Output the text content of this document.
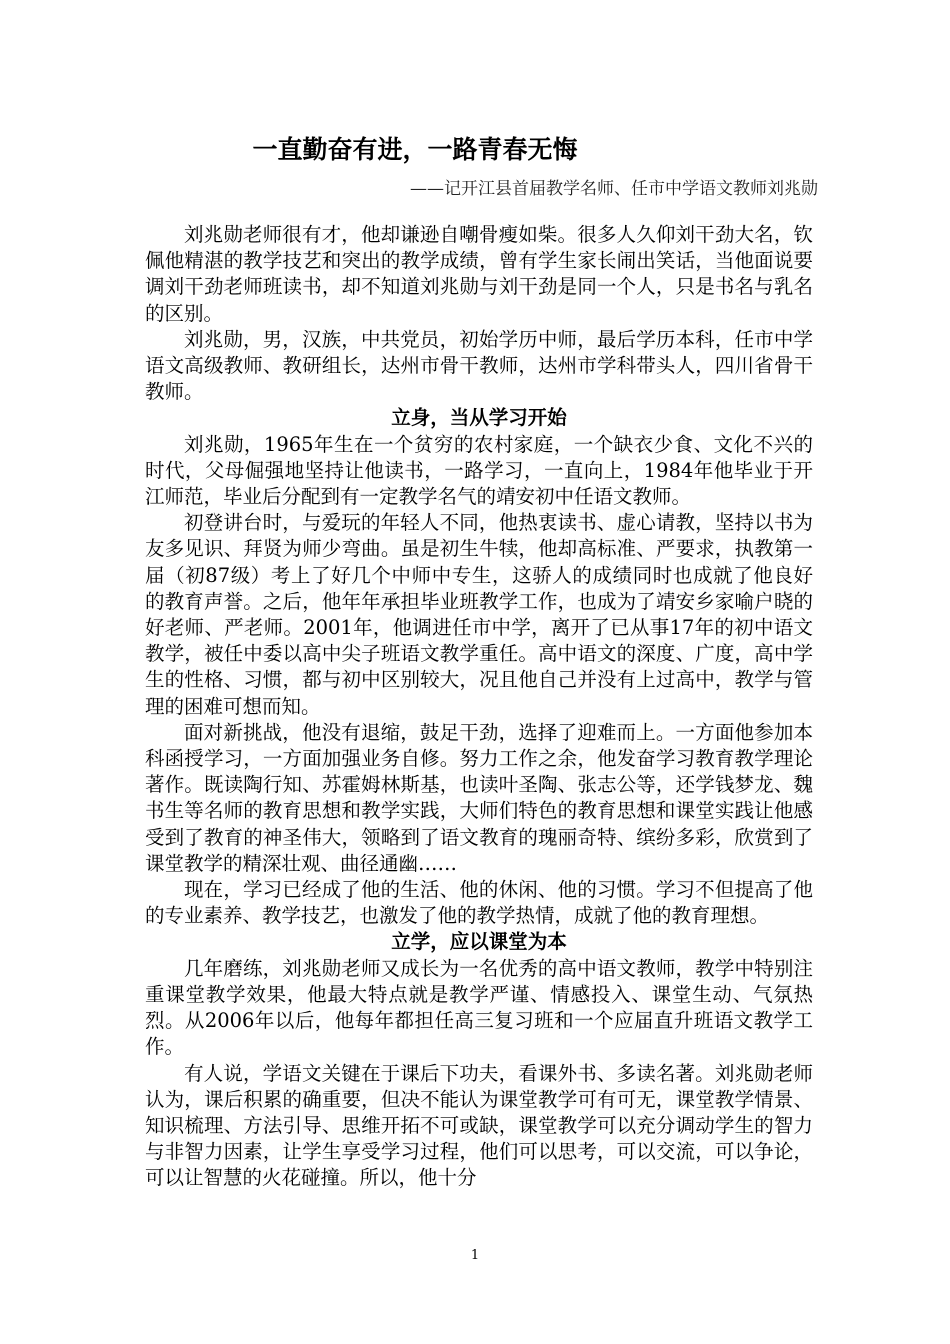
一直勤奋有进，一路青春无悔

——记开江县首届教学名师、任市中学语文教师刘兆勋

刘兆勋老师很有才，他却谦逊自嘲骨瘦如柴。很多人久仰刘干劲大名，钦佩他精湛的教学技艺和突出的教学成绩，曾有学生家长闹出笑话，当他面说要调刘干劲老师班读书，却不知道刘兆勋与刘干劲是同一个人，只是书名与乳名的区别。

刘兆勋，男，汉族，中共党员，初始学历中师，最后学历本科，任市中学语文高级教师、教研组长，达州市骨干教师，达州市学科带头人，四川省骨干教师。

立身，当从学习开始

刘兆勋，1965年生在一个贫穷的农村家庭，一个缺衣少食、文化不兴的时代，父母倔强地坚持让他读书，一路学习，一直向上，1984年他毕业于开江师范，毕业后分配到有一定教学名气的靖安初中任语文教师。

初登讲台时，与爱玩的年轻人不同，他热衷读书、虚心请教，坚持以书为友多见识、拜贤为师少弯曲。虽是初生牛犊，他却高标准、严要求，执教第一届（初87级）考上了好几个中师中专生，这骄人的成绩同时也成就了他良好的教育声誉。之后，他年年承担毕业班教学工作，也成为了靖安乡家喻户晓的好老师、严老师。2001年，他调进任市中学，离开了已从事17年的初中语文教学，被任中委以高中尖子班语文教学重任。高中语文的深度、广度，高中学生的性格、习惯，都与初中区别较大，况且他自己并没有上过高中，教学与管理的困难可想而知。

面对新挑战，他没有退缩，鼓足干劲，选择了迎难而上。一方面他参加本科函授学习，一方面加强业务自修。努力工作之余，他发奋学习教育教学理论著作。既读陶行知、苏霍姆林斯基，也读叶圣陶、张志公等，还学钱梦龙、魏书生等名师的教育思想和教学实践，大师们特色的教育思想和课堂实践让他感受到了教育的神圣伟大，领略到了语文教育的瑰丽奇特、缤纷多彩，欣赏到了课堂教学的精深壮观、曲径通幽……

现在，学习已经成了他的生活、他的休闲、他的习惯。学习不但提高了他的专业素养、教学技艺，也激发了他的教学热情，成就了他的教育理想。

立学，应以课堂为本

几年磨练，刘兆勋老师又成长为一名优秀的高中语文教师，教学中特别注重课堂教学效果，他最大特点就是教学严谨、情感投入、课堂生动、气氛热烈。从2006年以后，他每年都担任高三复习班和一个应届直升班语文教学工作。

有人说，学语文关键在于课后下功夫，看课外书、多读名著。刘兆勋老师认为，课后积累的确重要，但决不能认为课堂教学可有可无，课堂教学情景、知识梳理、方法引导、思维开拓不可或缺，课堂教学可以充分调动学生的智力与非智力因素，让学生享受学习过程，他们可以思考，可以交流，可以争论，可以让智慧的火花碰撞。所以，他十分

1
